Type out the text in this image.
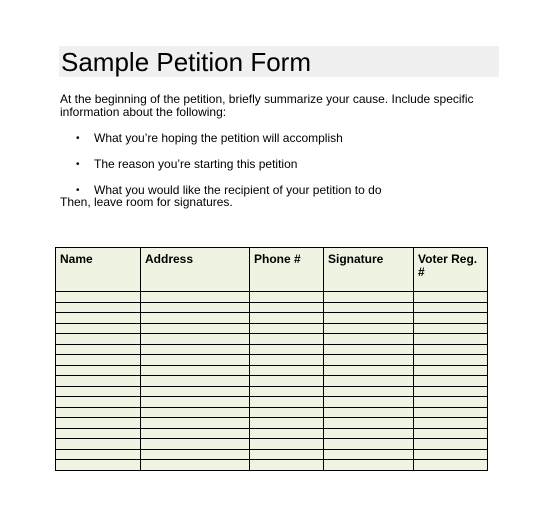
Sample Petition Form
At the beginning of the petition, briefly summarize your cause. Include specific information about the following:
• What you’re hoping the petition will accomplish
• The reason you’re starting this petition
• What you would like the recipient of your petition to do
Then, leave room for signatures.
Name	Address	Phone #	Signature	Voter Reg. #
